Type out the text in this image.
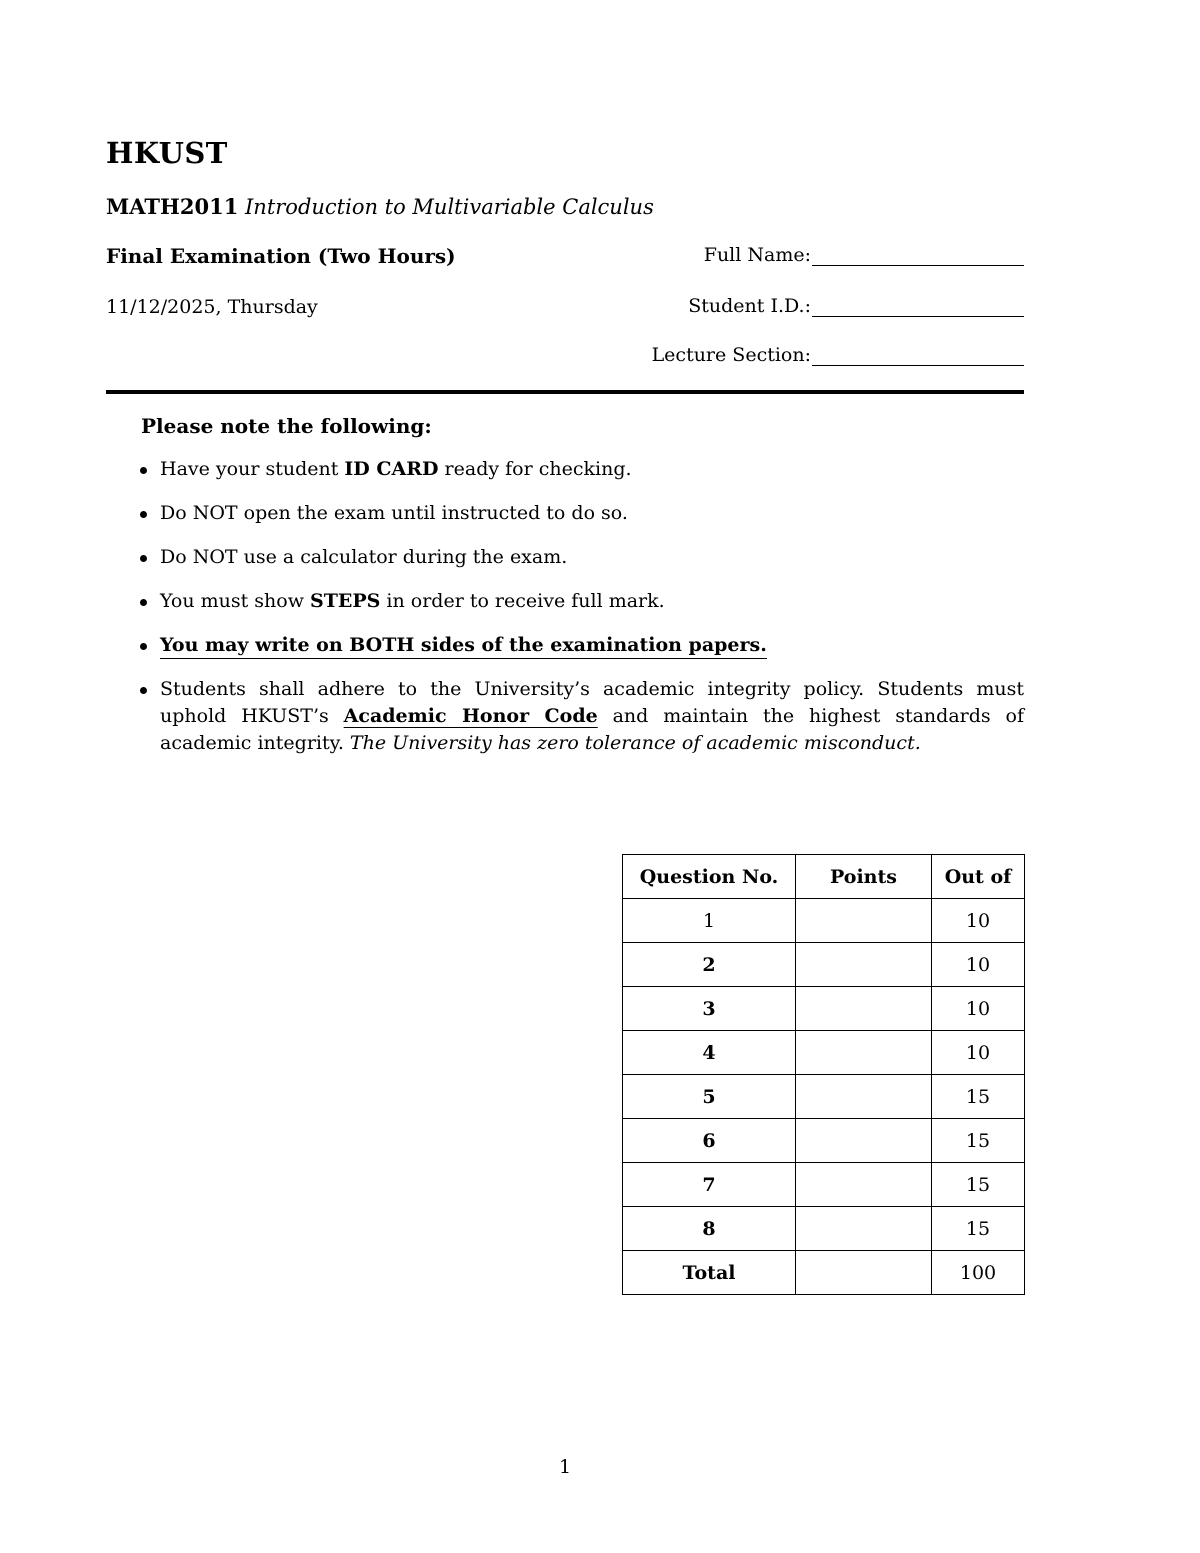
HKUST
MATH2011 Introduction to Multivariable Calculus
Final Examination (Two Hours)
11/12/2025, Thursday
Full Name:
Student I.D.:
Lecture Section:
Please note the following:
Have your student ID CARD ready for checking.
Do NOT open the exam until instructed to do so.
Do NOT use a calculator during the exam.
You must show STEPS in order to receive full mark.
You may write on BOTH sides of the examination papers.
Students shall adhere to the University’s academic integrity policy. Students must uphold HKUST’s Academic Honor Code and maintain the highest standards of academic integrity. The University has zero tolerance of academic misconduct.
Question No.	Points	Out of
1		10
2		10
3		10
4		10
5		15
6		15
7		15
8		15
Total		100
1
